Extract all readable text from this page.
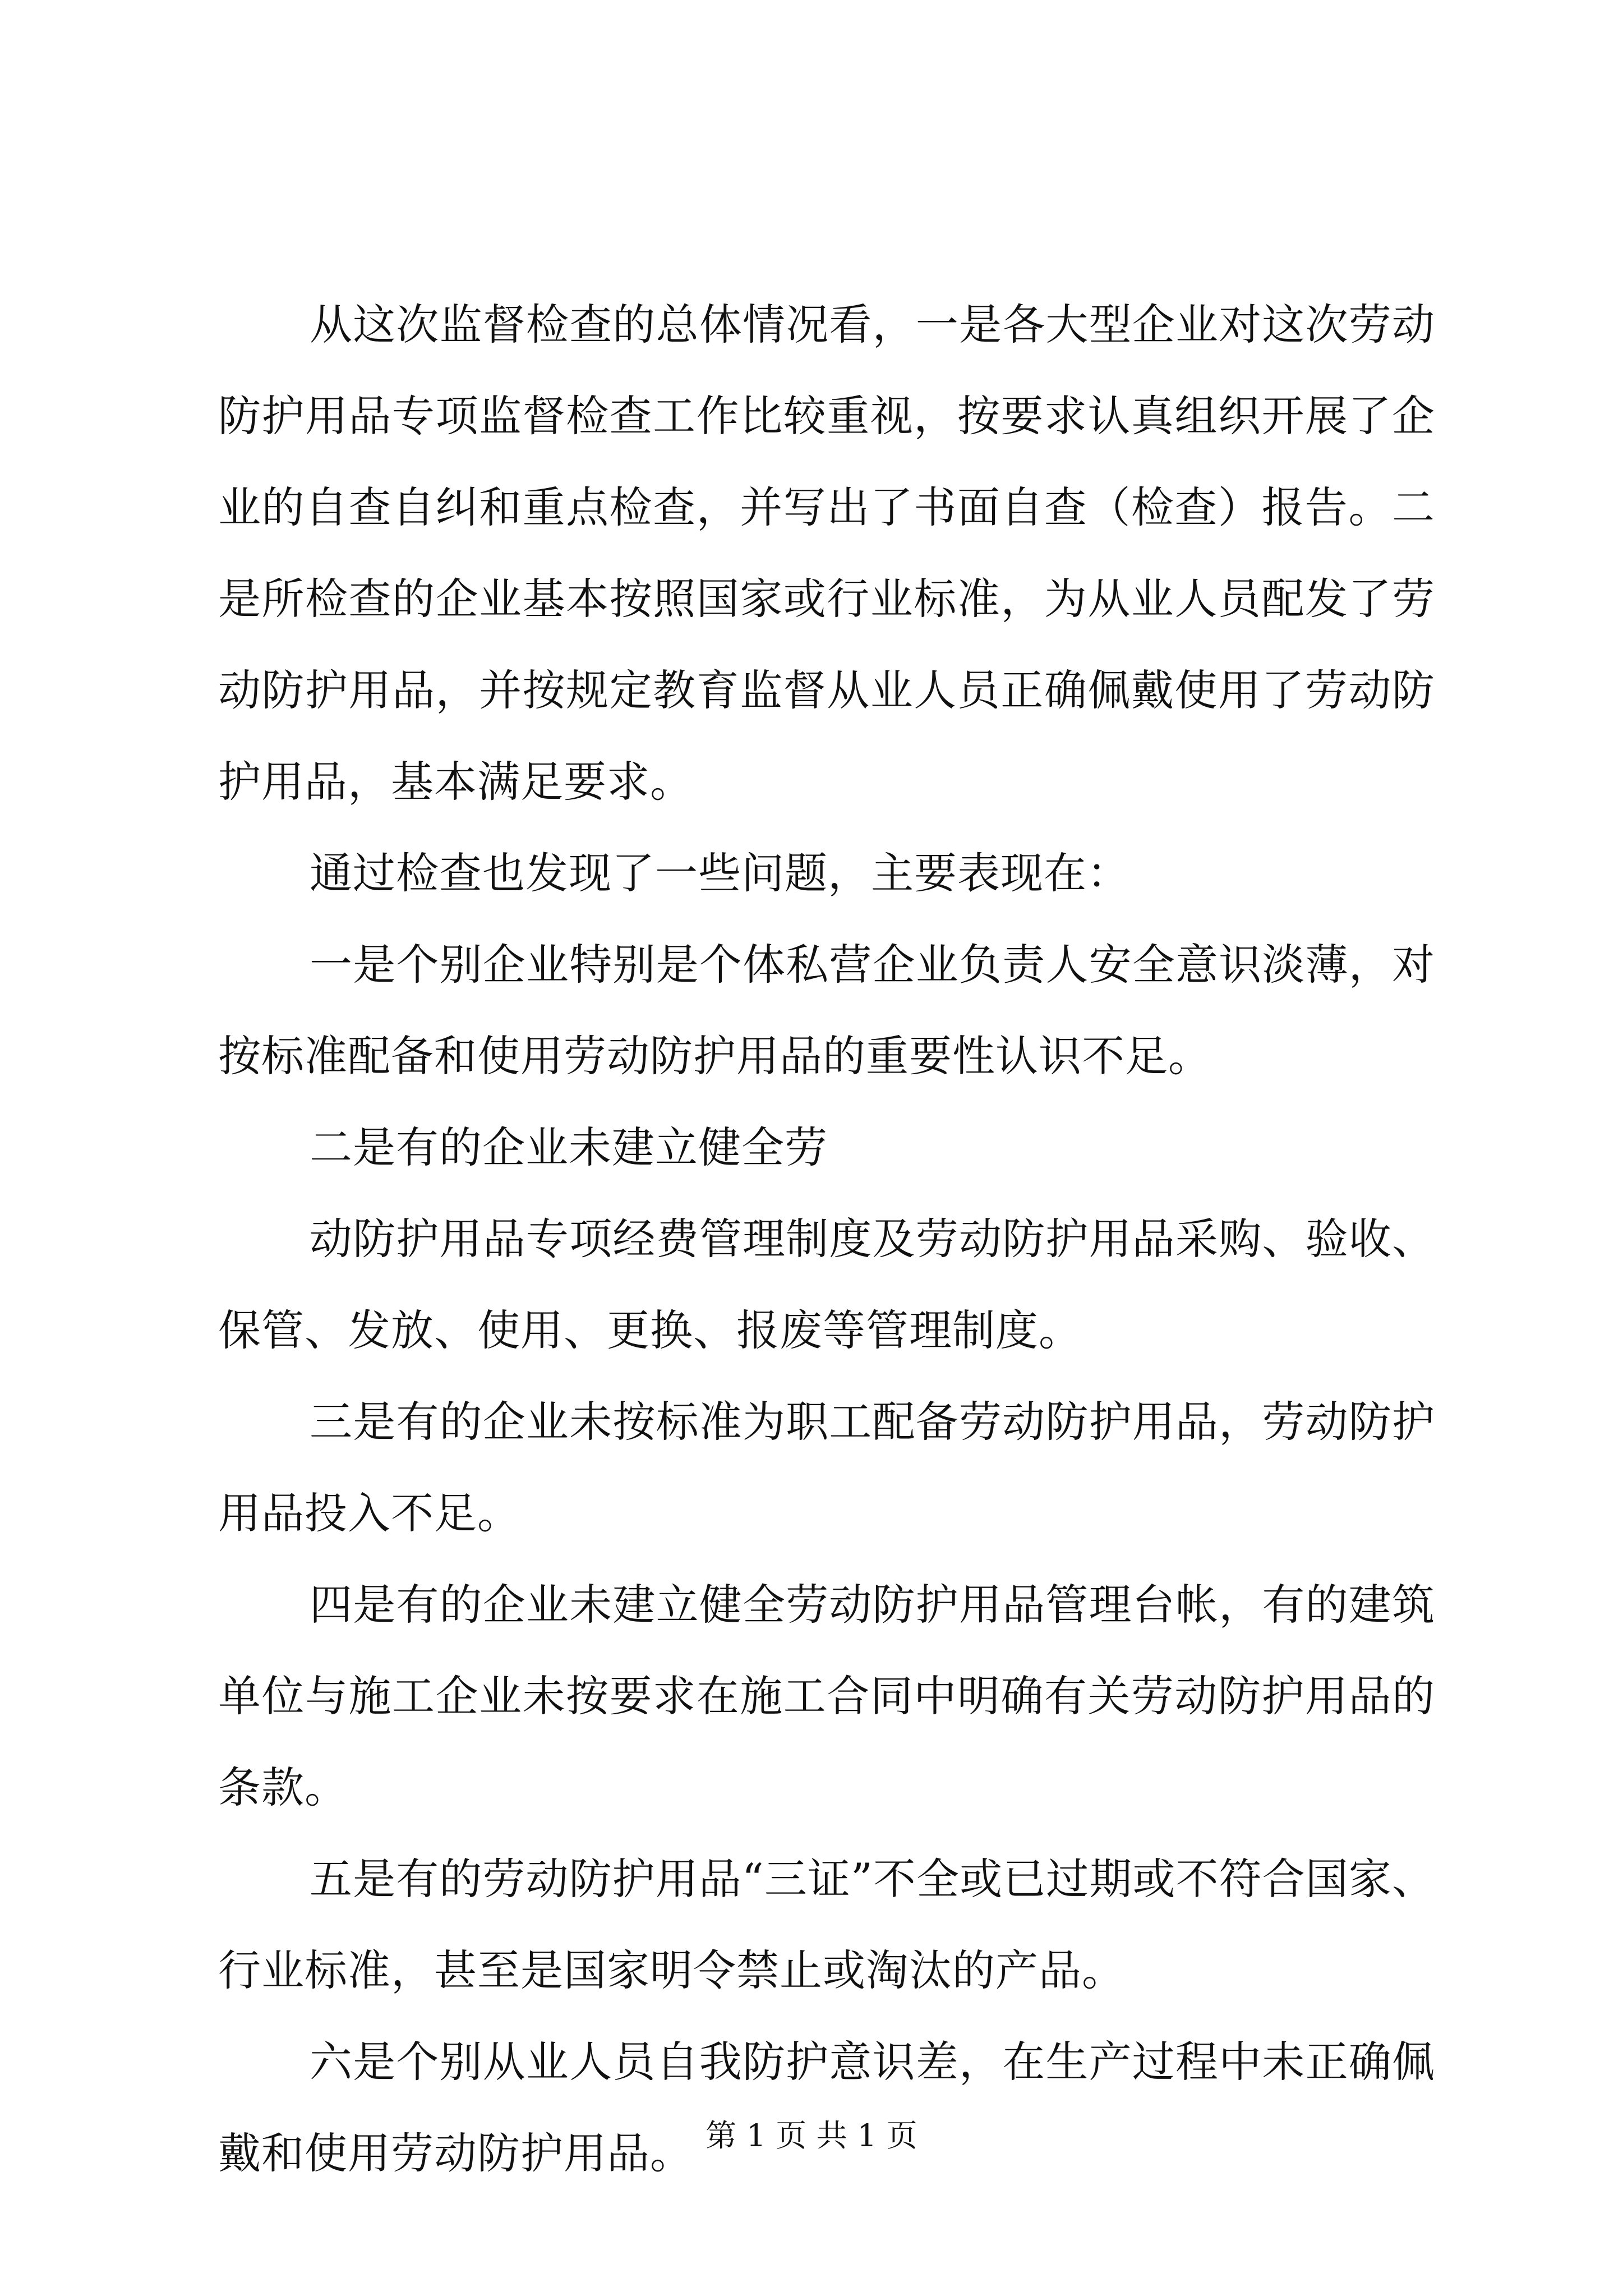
从这次监督检查的总体情况看，一是各大型企业对这次劳动防护用品专项监督检查工作比较重视，按要求认真组织开展了企业的自查自纠和重点检查，并写出了书面自查（检查）报告。二是所检查的企业基本按照国家或行业标准，为从业人员配发了劳动防护用品，并按规定教育监督从业人员正确佩戴使用了劳动防护用品，基本满足要求。

通过检查也发现了一些问题，主要表现在：

一是个别企业特别是个体私营企业负责人安全意识淡薄，对按标准配备和使用劳动防护用品的重要性认识不足。

二是有的企业未建立健全劳

动防护用品专项经费管理制度及劳动防护用品采购、验收、保管、发放、使用、更换、报废等管理制度。

三是有的企业未按标准为职工配备劳动防护用品，劳动防护用品投入不足。

四是有的企业未建立健全劳动防护用品管理台帐，有的建筑单位与施工企业未按要求在施工合同中明确有关劳动防护用品的条款。

五是有的劳动防护用品“三证”不全或已过期或不符合国家、行业标准，甚至是国家明令禁止或淘汰的产品。

六是个别从业人员自我防护意识差，在生产过程中未正确佩戴和使用劳动防护用品。 第 1 页 共 1 页
